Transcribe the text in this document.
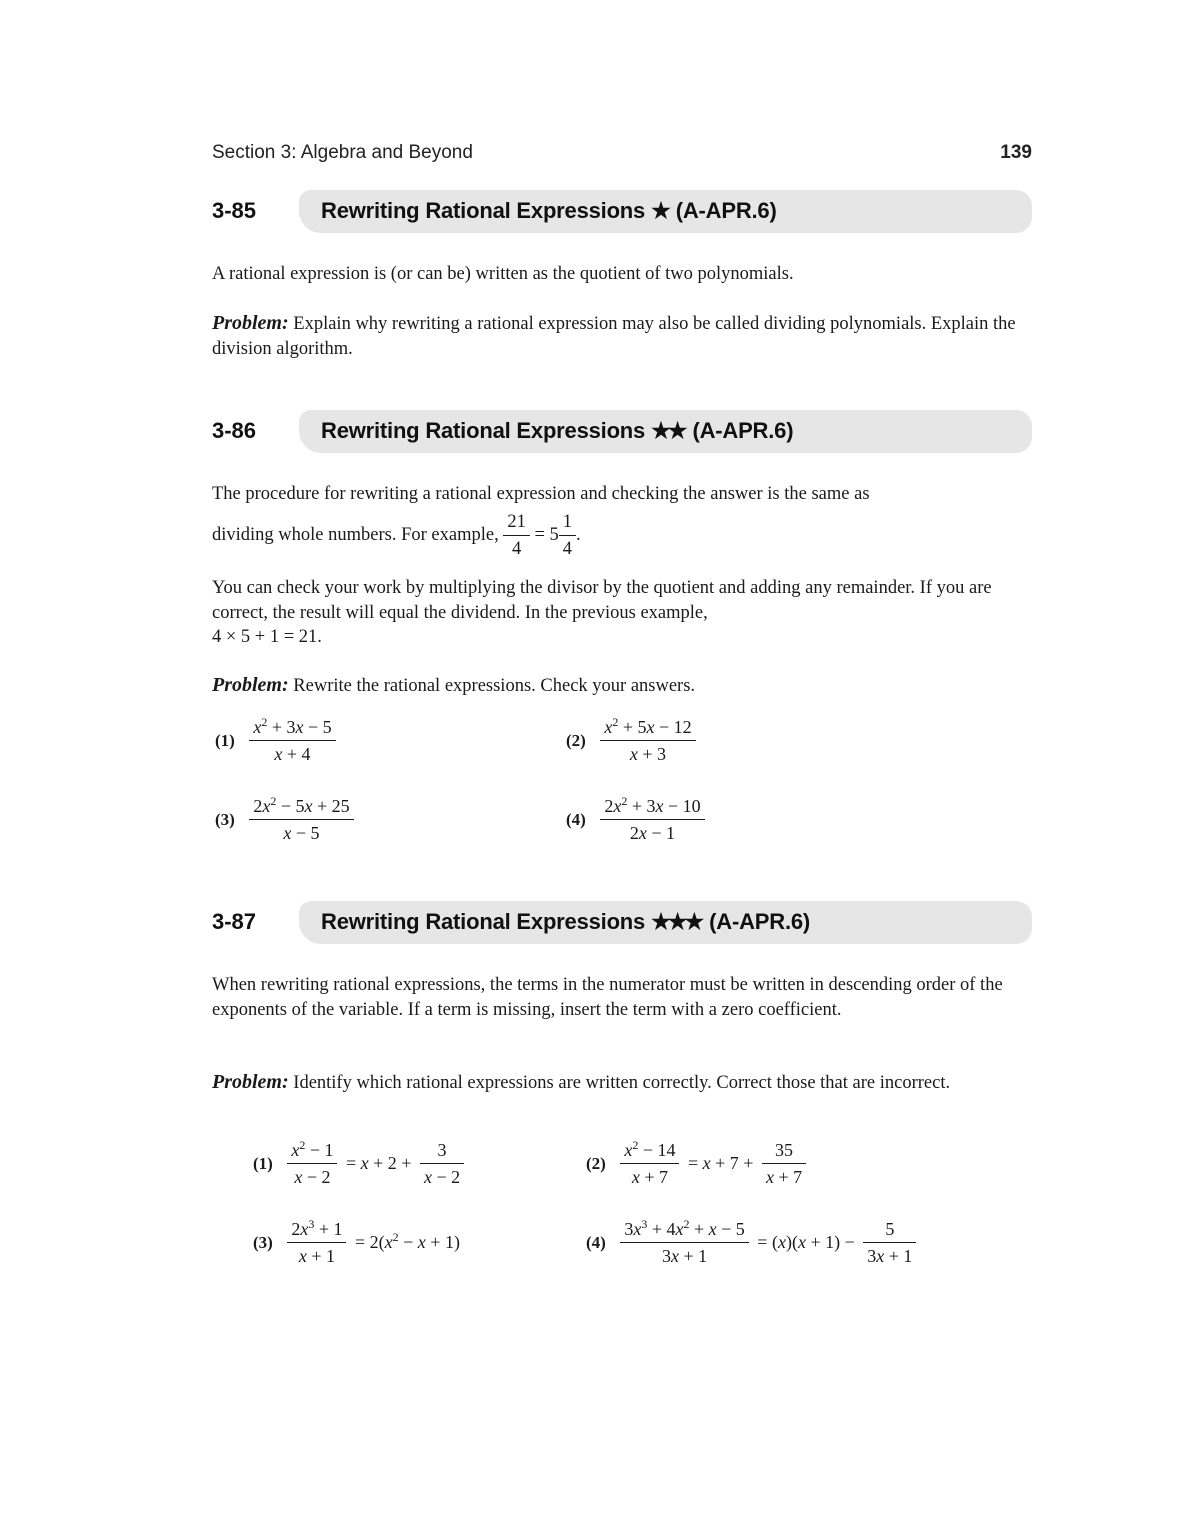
Section 3: Algebra and Beyond	139
3-85	Rewriting Rational Expressions ★ (A-APR.6)
A rational expression is (or can be) written as the quotient of two polynomials.
Problem: Explain why rewriting a rational expression may also be called dividing polynomials. Explain the division algorithm.
3-86	Rewriting Rational Expressions ★★ (A-APR.6)
The procedure for rewriting a rational expression and checking the answer is the same as
dividing whole numbers. For example, $\frac{21}{4} = 5 \frac{1}{4}$ .
You can check your work by multiplying the divisor by the quotient and adding any remainder. If you are correct, the result will equal the dividend. In the previous example,
4 × 5 + 1 = 21.
Problem: Rewrite the rational expressions. Check your answers.
$(1) \frac{x^2 + 3x - 5}{x + 4}$	$(2) \frac{x^2 + 5x - 12}{x + 3}$
$(3) \frac{2x^2 - 5x + 25}{x - 5}$	$(4) \frac{2x^2 + 3x - 10}{2x - 1}$
3-87	Rewriting Rational Expressions ★★★ (A-APR.6)
When rewriting rational expressions, the terms in the numerator must be written in descending order of the exponents of the variable. If a term is missing, insert the term with a zero coefficient.
Problem: Identify which rational expressions are written correctly. Correct those that are incorrect.
$(1) \frac{x^2 - 1}{x - 2} = x + 2 + \frac{3}{x - 2}$	$(2) \frac{x^2 - 14}{x + 7} = x + 7 + \frac{35}{x + 7}$
$(3) \frac{2x^3 + 1}{x + 1} = 2(x^2 - x + 1)$	$(4) \frac{3x^3 + 4x^2 + x - 5}{3x + 1} = (x)(x + 1) - \frac{5}{3x + 1}$
